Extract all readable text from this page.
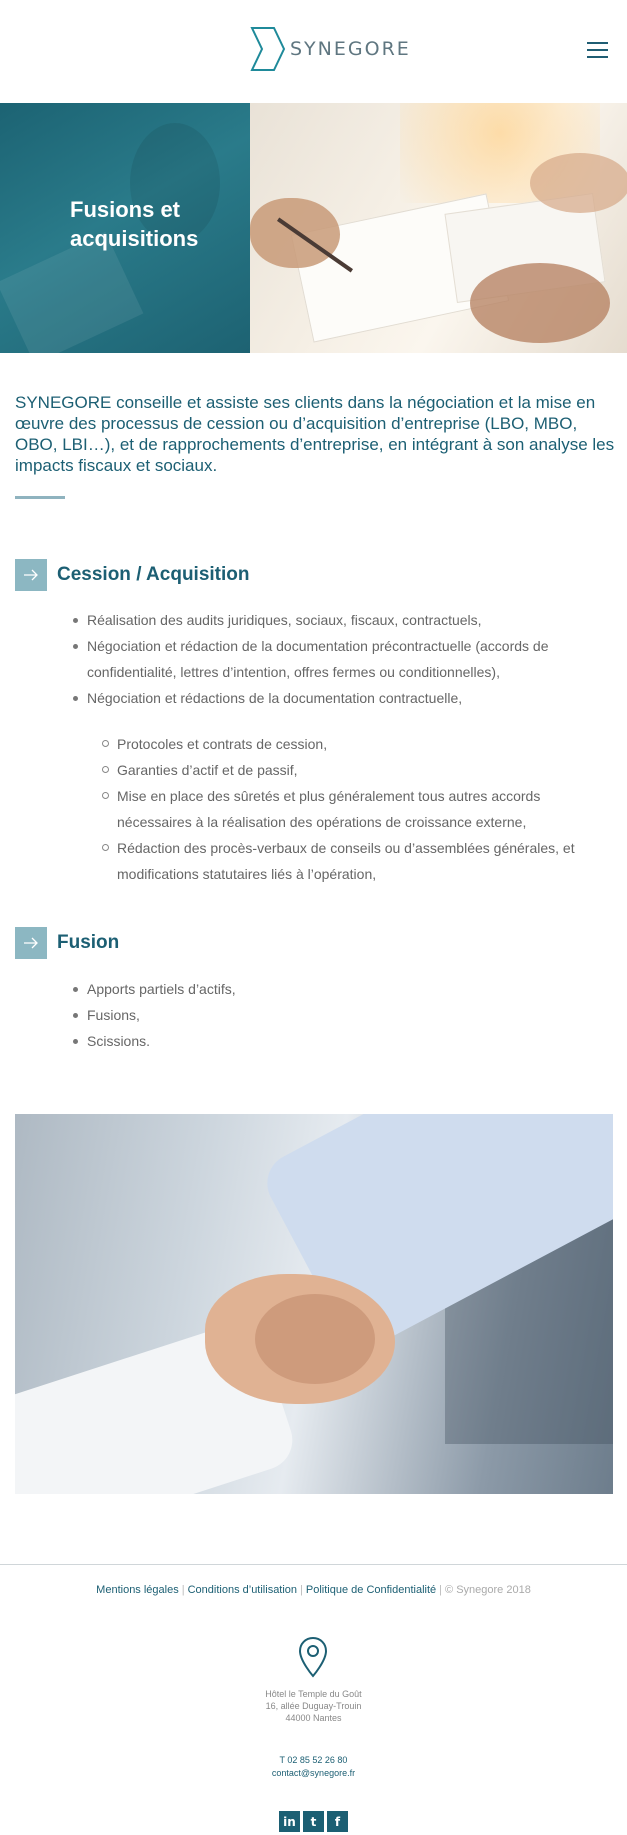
SYNEGORE
Fusions et acquisitions

SYNEGORE conseille et assiste ses clients dans la négociation et la mise en œuvre des processus de cession ou d’acquisition d’entreprise (LBO, MBO, OBO, LBI…), et de rapprochements d’entreprise, en intégrant à son analyse les impacts fiscaux et sociaux.

Cession / Acquisition
Réalisation des audits juridiques, sociaux, fiscaux, contractuels,
Négociation et rédaction de la documentation précontractuelle (accords de confidentialité, lettres d’intention, offres fermes ou conditionnelles),
Négociation et rédactions de la documentation contractuelle,
Protocoles et contrats de cession,
Garanties d’actif et de passif,
Mise en place des sûretés et plus généralement tous autres accords nécessaires à la réalisation des opérations de croissance externe,
Rédaction des procès-verbaux de conseils ou d’assemblées générales, et modifications statutaires liés à l’opération,
Fusion
Apports partiels d’actifs,
Fusions,
Scissions.
Mentions légales | Conditions d’utilisation | Politique de Confidentialité | © Synegore 2018
Hôtel le Temple du Goût
16, allée Duguay-Trouin
44000 Nantes
T 02 85 52 26 80
contact@synegore.fr
in	t	f
